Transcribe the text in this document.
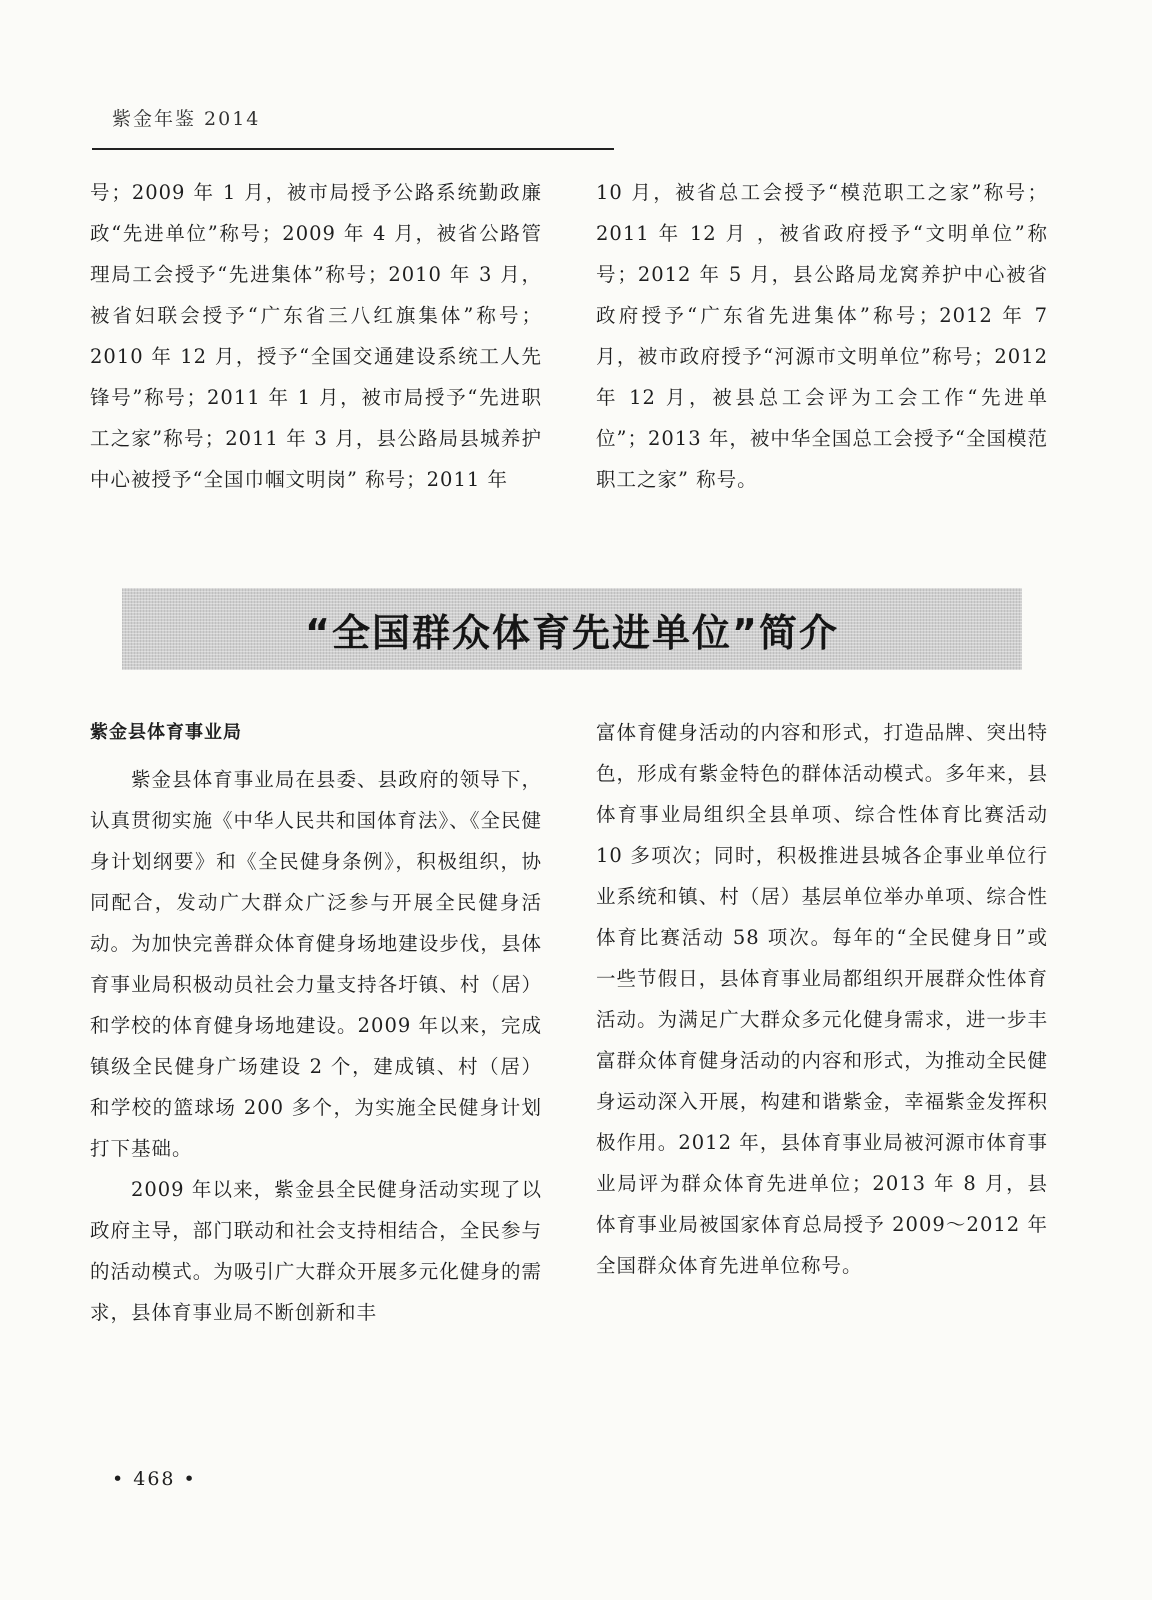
紫金年鉴 2014

号；2009 年 1 月，被市局授予公路系统勤政廉政“先进单位”称号；2009 年 4 月，被省公路管理局工会授予“先进集体”称号；2010 年 3 月，被省妇联会授予“广东省三八红旗集体”称号；2010 年 12 月，授予“全国交通建设系统工人先锋号”称号；2011 年 1 月，被市局授予“先进职工之家”称号；2011 年 3 月，县公路局县城养护中心被授予“全国巾帼文明岗” 称号；2011 年

10 月，被省总工会授予“模范职工之家”称号；2011 年 12 月 ，被省政府授予“文明单位”称号；2012 年 5 月，县公路局龙窝养护中心被省政府授予“广东省先进集体”称号；2012 年 7 月，被市政府授予“河源市文明单位”称号；2012 年 12 月，被县总工会评为工会工作“先进单位”；2013 年，被中华全国总工会授予“全国模范职工之家” 称号。

“全国群众体育先进单位”简介

紫金县体育事业局

紫金县体育事业局在县委、县政府的领导下，认真贯彻实施《中华人民共和国体育法》、《全民健身计划纲要》和《全民健身条例》，积极组织，协同配合，发动广大群众广泛参与开展全民健身活动。为加快完善群众体育健身场地建设步伐，县体育事业局积极动员社会力量支持各圩镇、村（居）和学校的体育健身场地建设。2009 年以来，完成镇级全民健身广场建设 2 个，建成镇、村（居）和学校的篮球场 200 多个，为实施全民健身计划打下基础。

2009 年以来，紫金县全民健身活动实现了以政府主导，部门联动和社会支持相结合，全民参与的活动模式。为吸引广大群众开展多元化健身的需求，县体育事业局不断创新和丰

富体育健身活动的内容和形式，打造品牌、突出特色，形成有紫金特色的群体活动模式。多年来，县体育事业局组织全县单项、综合性体育比赛活动 10 多项次；同时，积极推进县城各企事业单位行业系统和镇、村（居）基层单位举办单项、综合性体育比赛活动 58 项次。每年的“全民健身日”或一些节假日，县体育事业局都组织开展群众性体育活动。为满足广大群众多元化健身需求，进一步丰富群众体育健身活动的内容和形式，为推动全民健身运动深入开展，构建和谐紫金，幸福紫金发挥积极作用。2012 年，县体育事业局被河源市体育事业局评为群众体育先进单位；2013 年 8 月，县体育事业局被国家体育总局授予 2009～2012 年全国群众体育先进单位称号。

• 468 •
